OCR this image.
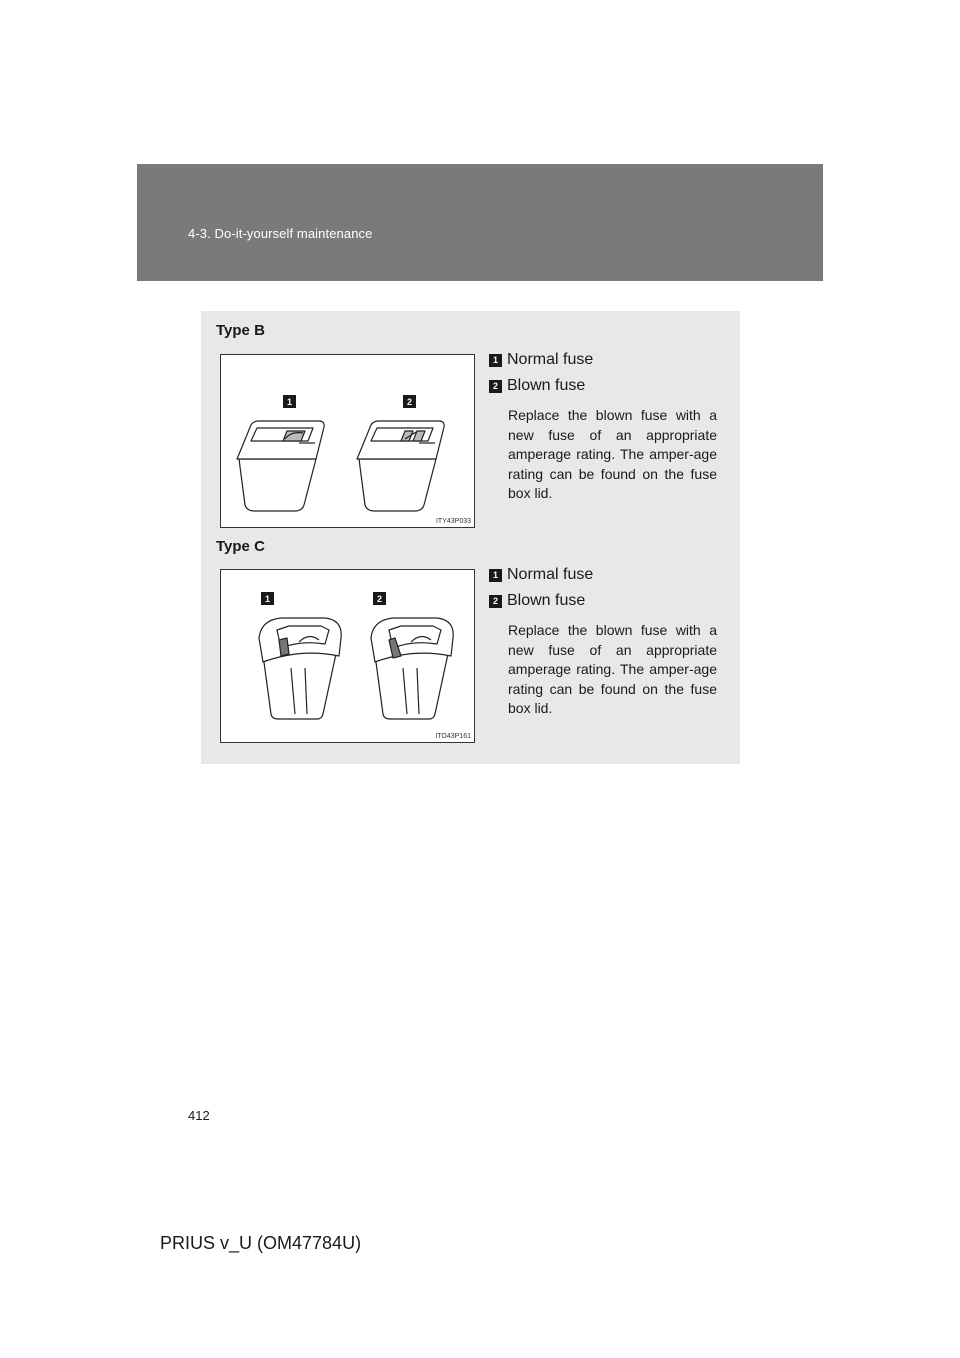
4-3. Do-it-yourself maintenance
Type B
1	2
ITY43P033
1 Normal fuse
2 Blown fuse
Replace the blown fuse with a new fuse of an appropriate amperage rating. The amper-age rating can be found on the fuse box lid.
Type C
1	2
ITO43P161
1 Normal fuse
2 Blown fuse
Replace the blown fuse with a new fuse of an appropriate amperage rating. The amper-age rating can be found on the fuse box lid.
412
PRIUS v_U (OM47784U)
